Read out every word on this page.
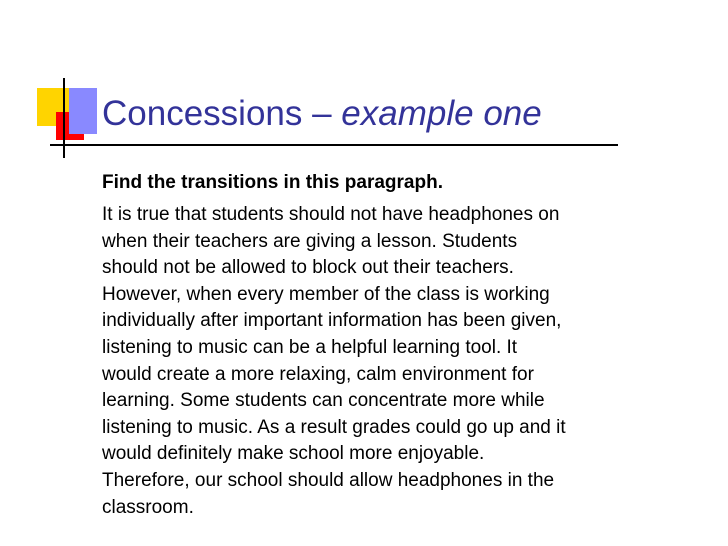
Concessions – example one

Find the transitions in this paragraph.

It is true that students should not have headphones on
when their teachers are giving a lesson. Students
should not be allowed to block out their teachers.
However, when every member of the class is working
individually after important information has been given,
listening to music can be a helpful learning tool. It
would create a more relaxing, calm environment for
learning. Some students can concentrate more while
listening to music. As a result grades could go up and it
would definitely make school more enjoyable.
Therefore, our school should allow headphones in the
classroom.
